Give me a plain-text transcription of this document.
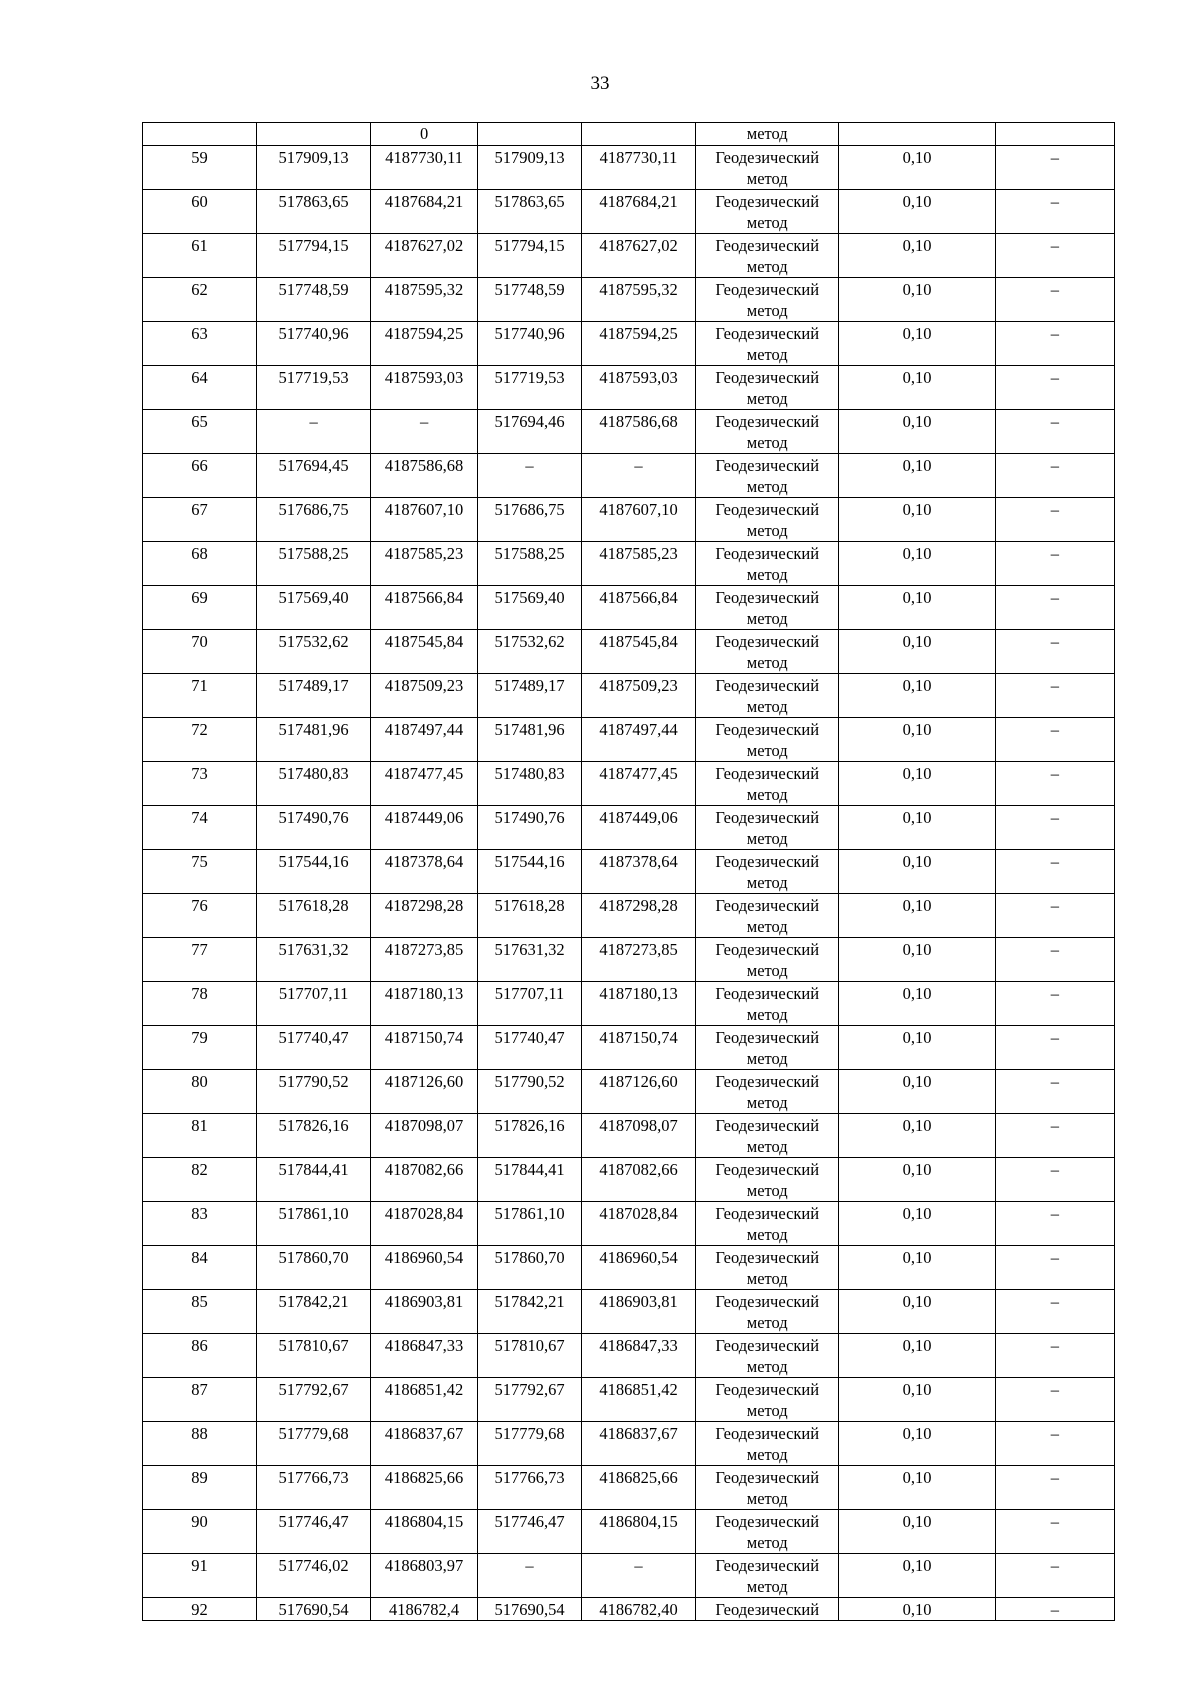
33
		0			метод		
59	517909,13	4187730,11	517909,13	4187730,11	Геодезический метод	0,10	–
60	517863,65	4187684,21	517863,65	4187684,21	Геодезический метод	0,10	–
61	517794,15	4187627,02	517794,15	4187627,02	Геодезический метод	0,10	–
62	517748,59	4187595,32	517748,59	4187595,32	Геодезический метод	0,10	–
63	517740,96	4187594,25	517740,96	4187594,25	Геодезический метод	0,10	–
64	517719,53	4187593,03	517719,53	4187593,03	Геодезический метод	0,10	–
65	–	–	517694,46	4187586,68	Геодезический метод	0,10	–
66	517694,45	4187586,68	–	–	Геодезический метод	0,10	–
67	517686,75	4187607,10	517686,75	4187607,10	Геодезический метод	0,10	–
68	517588,25	4187585,23	517588,25	4187585,23	Геодезический метод	0,10	–
69	517569,40	4187566,84	517569,40	4187566,84	Геодезический метод	0,10	–
70	517532,62	4187545,84	517532,62	4187545,84	Геодезический метод	0,10	–
71	517489,17	4187509,23	517489,17	4187509,23	Геодезический метод	0,10	–
72	517481,96	4187497,44	517481,96	4187497,44	Геодезический метод	0,10	–
73	517480,83	4187477,45	517480,83	4187477,45	Геодезический метод	0,10	–
74	517490,76	4187449,06	517490,76	4187449,06	Геодезический метод	0,10	–
75	517544,16	4187378,64	517544,16	4187378,64	Геодезический метод	0,10	–
76	517618,28	4187298,28	517618,28	4187298,28	Геодезический метод	0,10	–
77	517631,32	4187273,85	517631,32	4187273,85	Геодезический метод	0,10	–
78	517707,11	4187180,13	517707,11	4187180,13	Геодезический метод	0,10	–
79	517740,47	4187150,74	517740,47	4187150,74	Геодезический метод	0,10	–
80	517790,52	4187126,60	517790,52	4187126,60	Геодезический метод	0,10	–
81	517826,16	4187098,07	517826,16	4187098,07	Геодезический метод	0,10	–
82	517844,41	4187082,66	517844,41	4187082,66	Геодезический метод	0,10	–
83	517861,10	4187028,84	517861,10	4187028,84	Геодезический метод	0,10	–
84	517860,70	4186960,54	517860,70	4186960,54	Геодезический метод	0,10	–
85	517842,21	4186903,81	517842,21	4186903,81	Геодезический метод	0,10	–
86	517810,67	4186847,33	517810,67	4186847,33	Геодезический метод	0,10	–
87	517792,67	4186851,42	517792,67	4186851,42	Геодезический метод	0,10	–
88	517779,68	4186837,67	517779,68	4186837,67	Геодезический метод	0,10	–
89	517766,73	4186825,66	517766,73	4186825,66	Геодезический метод	0,10	–
90	517746,47	4186804,15	517746,47	4186804,15	Геодезический метод	0,10	–
91	517746,02	4186803,97	–	–	Геодезический метод	0,10	–
92	517690,54	4186782,4	517690,54	4186782,40	Геодезический	0,10	–
